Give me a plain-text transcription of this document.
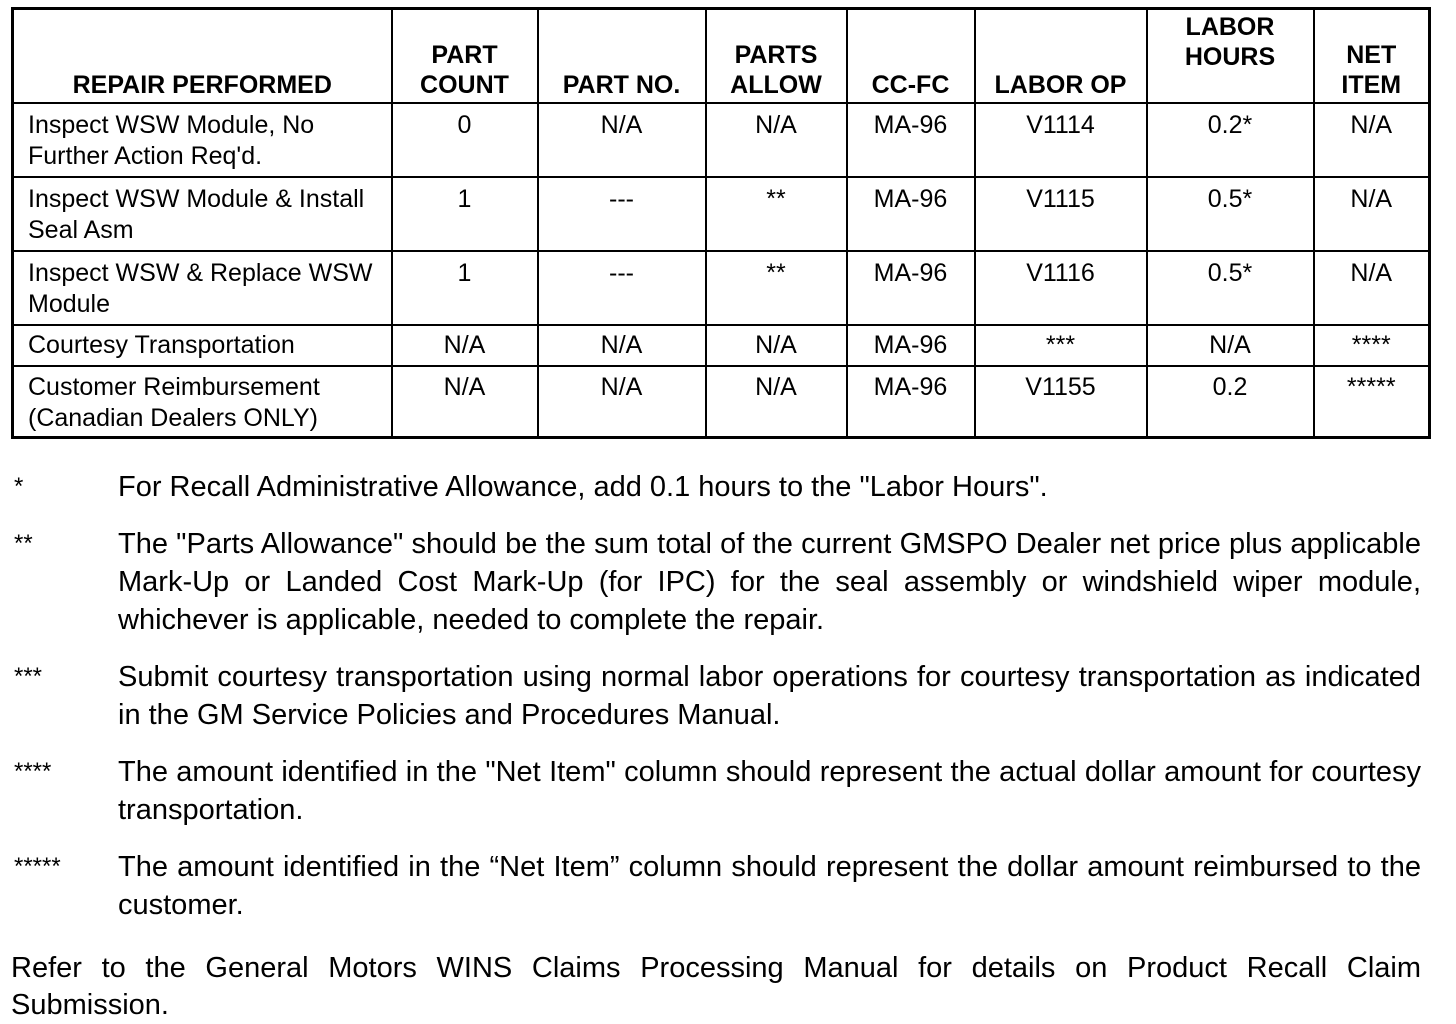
REPAIR PERFORMED	PART COUNT	PART NO.	PARTS ALLOW	CC-FC	LABOR OP	LABOR HOURS	NET ITEM
Inspect WSW Module, No Further Action Req'd.	0	N/A	N/A	MA-96	V1114	0.2*	N/A
Inspect WSW Module & Install Seal Asm	1	---	**	MA-96	V1115	0.5*	N/A
Inspect WSW & Replace WSW Module	1	---	**	MA-96	V1116	0.5*	N/A
Courtesy Transportation	N/A	N/A	N/A	MA-96	***	N/A	****
Customer Reimbursement (Canadian Dealers ONLY)	N/A	N/A	N/A	MA-96	V1155	0.2	*****
*	For Recall Administrative Allowance, add 0.1 hours to the "Labor Hours".
**	The "Parts Allowance" should be the sum total of the current GMSPO Dealer net price plus applicable Mark-Up or Landed Cost Mark-Up (for IPC) for the seal assembly or windshield wiper module, whichever is applicable, needed to complete the repair.
***	Submit courtesy transportation using normal labor operations for courtesy transportation as indicated in the GM Service Policies and Procedures Manual.
****	The amount identified in the "Net Item" column should represent the actual dollar amount for courtesy transportation.
*****	The amount identified in the “Net Item” column should represent the dollar amount reimbursed to the customer.
Refer to the General Motors WINS Claims Processing Manual for details on Product Recall Claim Submission.
